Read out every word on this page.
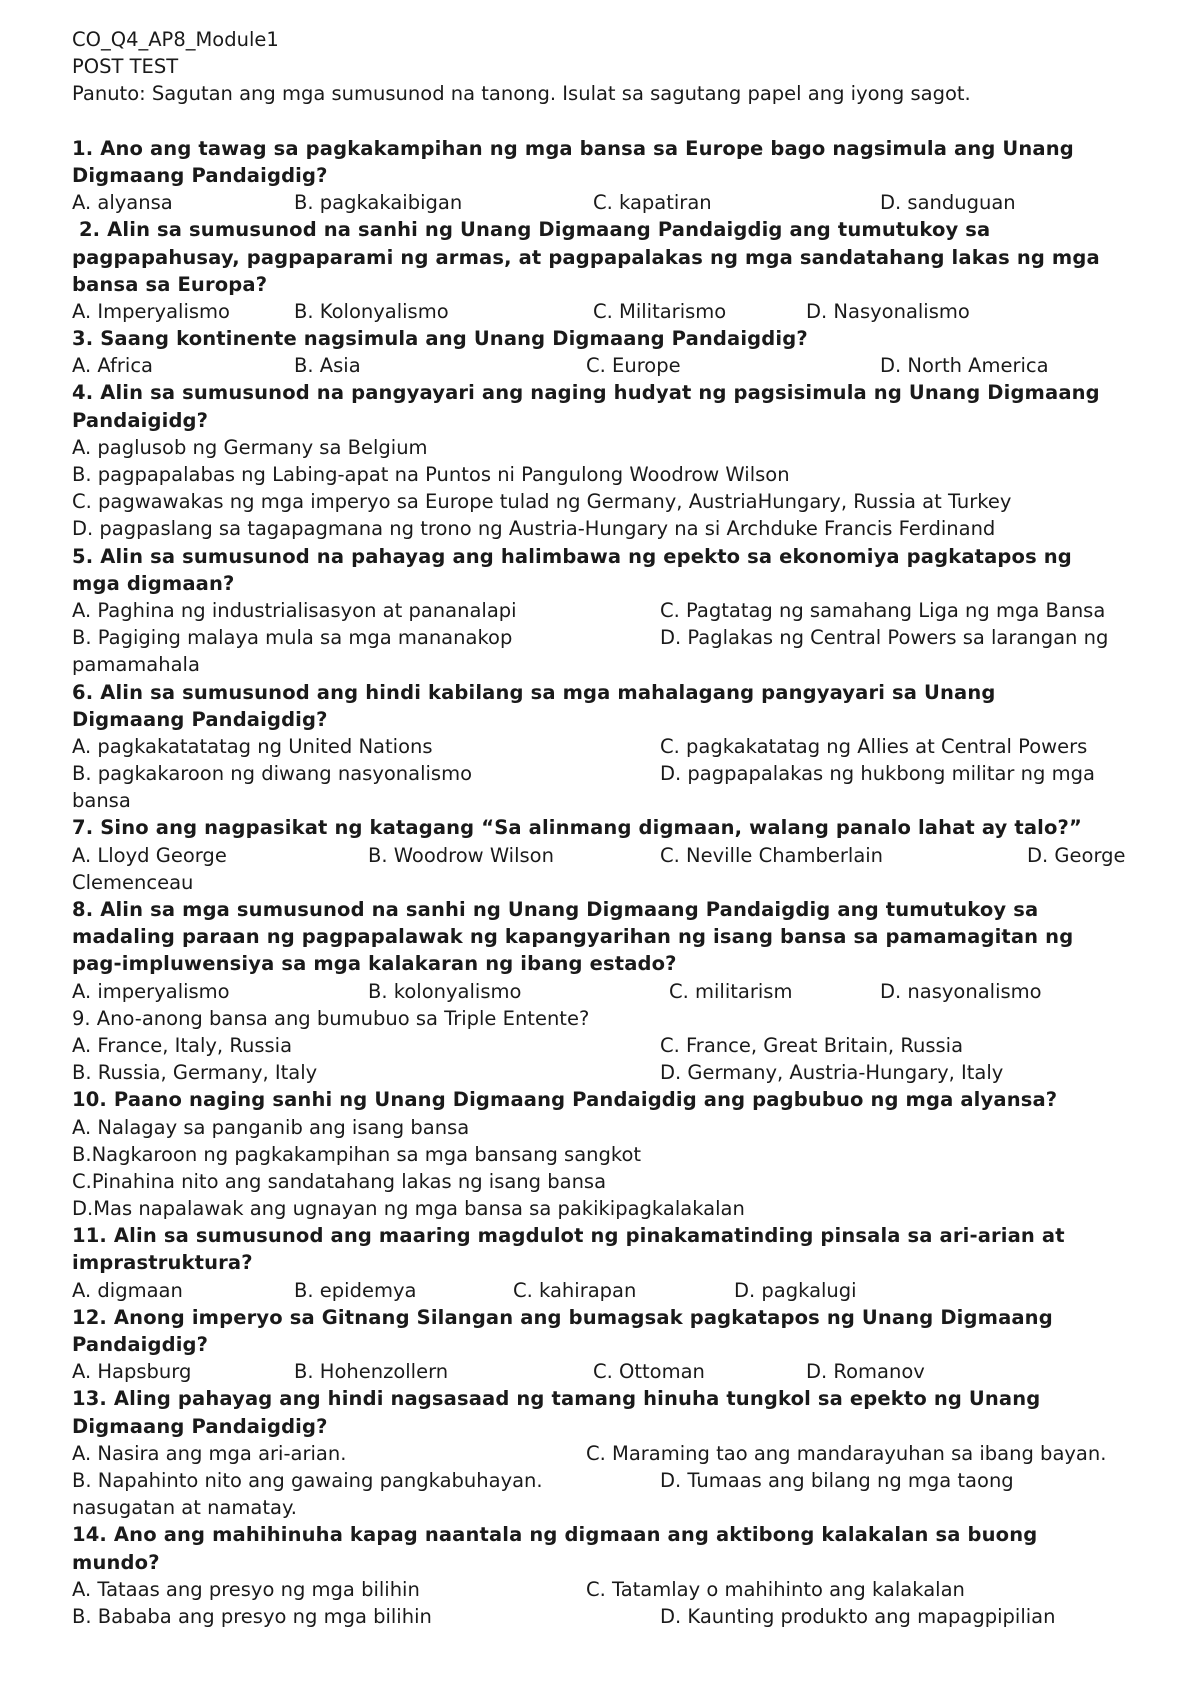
CO_Q4_AP8_Module1
POST TEST
Panuto: Sagutan ang mga sumusunod na tanong. Isulat sa sagutang papel ang iyong sagot.
1. Ano ang tawag sa pagkakampihan ng mga bansa sa Europe bago nagsimula ang Unang
Digmaang Pandaigdig?
A. alyansa	B. pagkakaibigan	C. kapatiran	D. sanduguan
2. Alin sa sumusunod na sanhi ng Unang Digmaang Pandaigdig ang tumutukoy sa
pagpapahusay, pagpaparami ng armas, at pagpapalakas ng mga sandatahang lakas ng mga
bansa sa Europa?
A. Imperyalismo	B. Kolonyalismo	C. Militarismo	D. Nasyonalismo
3. Saang kontinente nagsimula ang Unang Digmaang Pandaigdig?
A. Africa	B. Asia	C. Europe	D. North America
4. Alin sa sumusunod na pangyayari ang naging hudyat ng pagsisimula ng Unang Digmaang
Pandaigidg?
A. paglusob ng Germany sa Belgium
B. pagpapalabas ng Labing-apat na Puntos ni Pangulong Woodrow Wilson
C. pagwawakas ng mga imperyo sa Europe tulad ng Germany, AustriaHungary, Russia at Turkey
D. pagpaslang sa tagapagmana ng trono ng Austria-Hungary na si Archduke Francis Ferdinand
5. Alin sa sumusunod na pahayag ang halimbawa ng epekto sa ekonomiya pagkatapos ng
mga digmaan?
A. Paghina ng industrialisasyon at pananalapi	C. Pagtatag ng samahang Liga ng mga Bansa
B. Pagiging malaya mula sa mga mananakop	D. Paglakas ng Central Powers sa larangan ng
pamamahala
6. Alin sa sumusunod ang hindi kabilang sa mga mahalagang pangyayari sa Unang
Digmaang Pandaigdig?
A. pagkakatatatag ng United Nations	C. pagkakatatag ng Allies at Central Powers
B. pagkakaroon ng diwang nasyonalismo	D. pagpapalakas ng hukbong militar ng mga
bansa
7. Sino ang nagpasikat ng katagang “Sa alinmang digmaan, walang panalo lahat ay talo?”
A. Lloyd George	B. Woodrow Wilson	C. Neville Chamberlain	D. George
Clemenceau
8. Alin sa mga sumusunod na sanhi ng Unang Digmaang Pandaigdig ang tumutukoy sa
madaling paraan ng pagpapalawak ng kapangyarihan ng isang bansa sa pamamagitan ng
pag-impluwensiya sa mga kalakaran ng ibang estado?
A. imperyalismo	B. kolonyalismo	C. militarism	D. nasyonalismo
9. Ano-anong bansa ang bumubuo sa Triple Entente?
A. France, Italy, Russia	C. France, Great Britain, Russia
B. Russia, Germany, Italy	D. Germany, Austria-Hungary, Italy
10. Paano naging sanhi ng Unang Digmaang Pandaigdig ang pagbubuo ng mga alyansa?
A. Nalagay sa panganib ang isang bansa
B.Nagkaroon ng pagkakampihan sa mga bansang sangkot
C.Pinahina nito ang sandatahang lakas ng isang bansa
D.Mas napalawak ang ugnayan ng mga bansa sa pakikipagkalakalan
11. Alin sa sumusunod ang maaring magdulot ng pinakamatinding pinsala sa ari-arian at
imprastruktura?
A. digmaan	B. epidemya	C. kahirapan	D. pagkalugi
12. Anong imperyo sa Gitnang Silangan ang bumagsak pagkatapos ng Unang Digmaang
Pandaigdig?
A. Hapsburg	B. Hohenzollern	C. Ottoman	D. Romanov
13. Aling pahayag ang hindi nagsasaad ng tamang hinuha tungkol sa epekto ng Unang
Digmaang Pandaigdig?
A. Nasira ang mga ari-arian.	C. Maraming tao ang mandarayuhan sa ibang bayan.
B. Napahinto nito ang gawaing pangkabuhayan.	D. Tumaas ang bilang ng mga taong
nasugatan at namatay.
14. Ano ang mahihinuha kapag naantala ng digmaan ang aktibong kalakalan sa buong
mundo?
A. Tataas ang presyo ng mga bilihin	C. Tatamlay o mahihinto ang kalakalan
B. Bababa ang presyo ng mga bilihin	D. Kaunting produkto ang mapagpipilian
